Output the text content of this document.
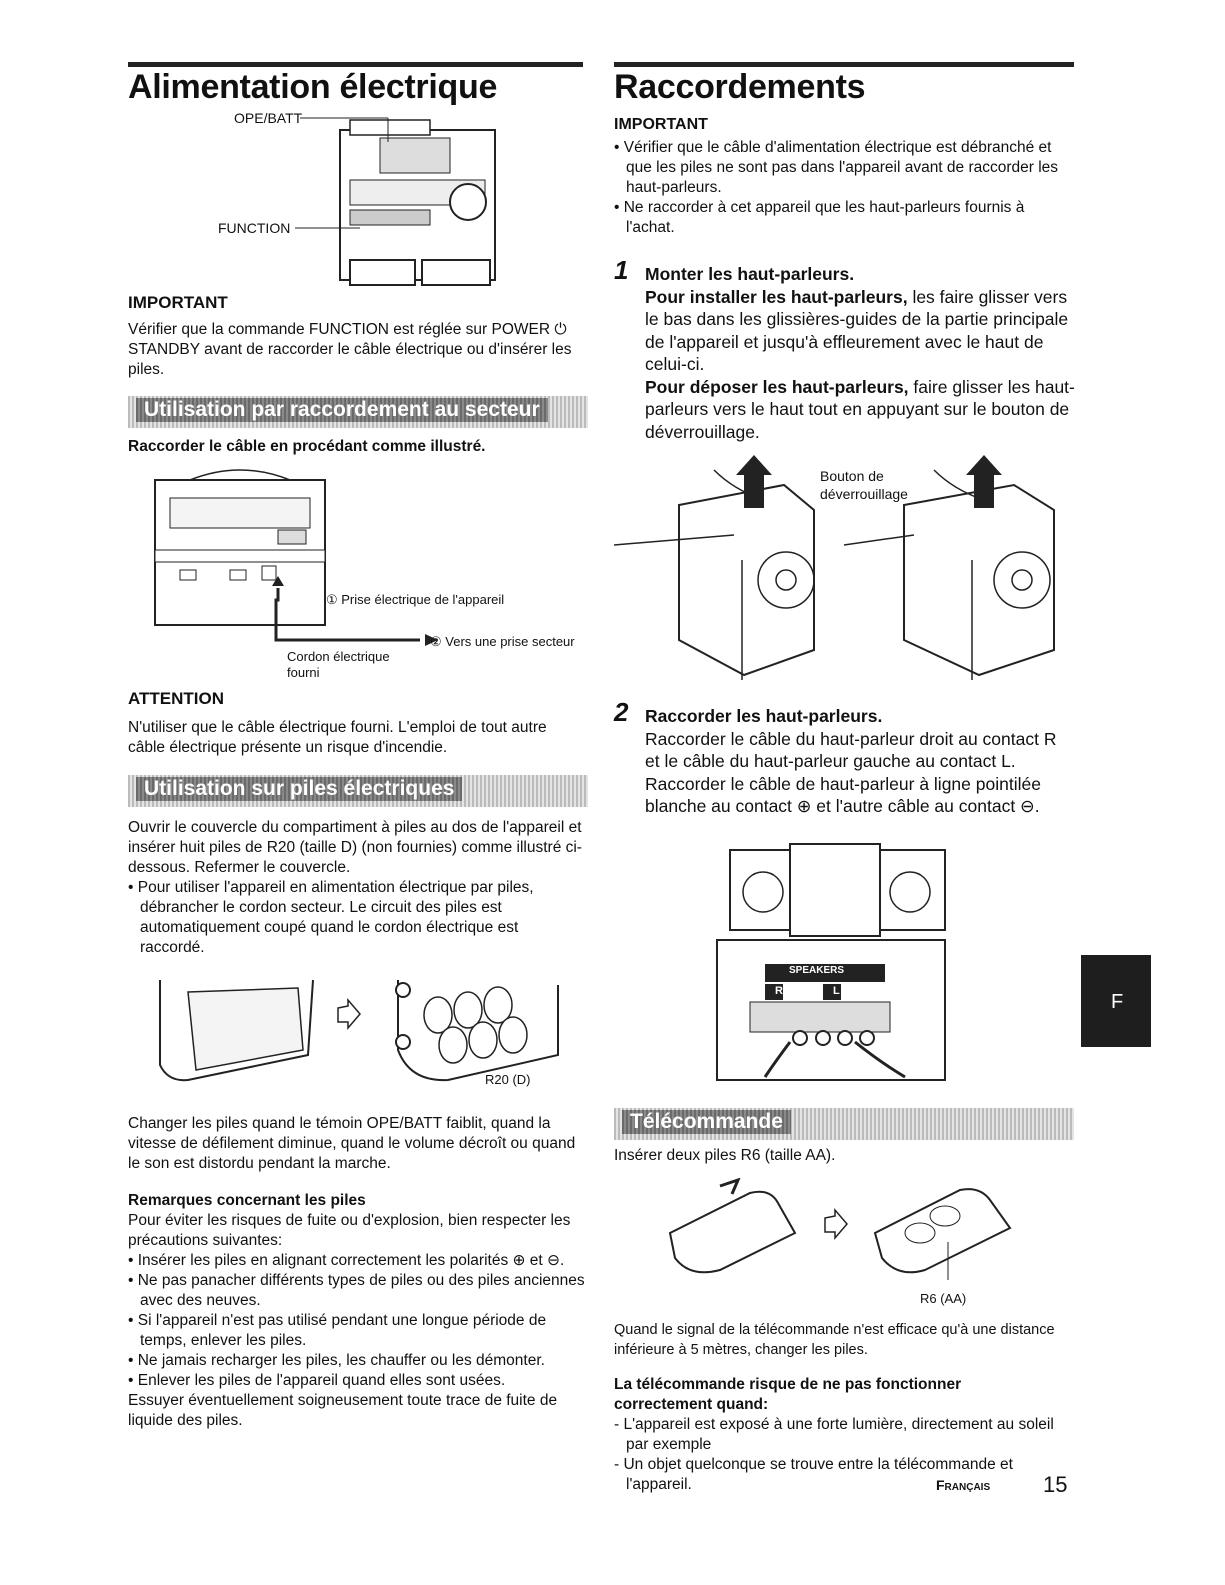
Alimentation électrique
OPE/BATT
FUNCTION
IMPORTANT
Vérifier que la commande FUNCTION est réglée sur POWER ⏻ STANDBY avant de raccorder le câble électrique ou d'insérer les piles.
Utilisation par raccordement au secteur
Raccorder le câble en procédant comme illustré.
① Prise électrique de l'appareil
② Vers une prise secteur
Cordon électrique
fourni
ATTENTION
N'utiliser que le câble électrique fourni. L'emploi de tout autre câble électrique présente un risque d'incendie.
Utilisation sur piles électriques
Ouvrir le couvercle du compartiment à piles au dos de l'appareil et insérer huit piles de R20 (taille D) (non fournies) comme illustré ci-dessous. Refermer le couvercle.
• Pour utiliser l'appareil en alimentation électrique par piles, débrancher le cordon secteur. Le circuit des piles est automatiquement coupé quand le cordon électrique est raccordé.
R20 (D)
Changer les piles quand le témoin OPE/BATT faiblit, quand la vitesse de défilement diminue, quand le volume décroît ou quand le son est distordu pendant la marche.
Remarques concernant les piles

Pour éviter les risques de fuite ou d'explosion, bien respecter les précautions suivantes:

• Insérer les piles en alignant correctement les polarités ⊕ et ⊖.
• Ne pas panacher différents types de piles ou des piles anciennes avec des neuves.
• Si l'appareil n'est pas utilisé pendant une longue période de temps, enlever les piles.
• Ne jamais recharger les piles, les chauffer ou les démonter.
• Enlever les piles de l'appareil quand elles sont usées.

Essuyer éventuellement soigneusement toute trace de fuite de liquide des piles.

Raccordements
IMPORTANT
• Vérifier que le câble d'alimentation électrique est débranché et que les piles ne sont pas dans l'appareil avant de raccorder les haut-parleurs.
• Ne raccorder à cet appareil que les haut-parleurs fournis à l'achat.
1 Monter les haut-parleurs.

Pour installer les haut-parleurs, les faire glisser vers le bas dans les glissières-guides de la partie principale de l'appareil et jusqu'à effleurement avec le haut de celui-ci.

Pour déposer les haut-parleurs, faire glisser les haut-parleurs vers le haut tout en appuyant sur le bouton de déverrouillage.

Bouton de
déverrouillage
2 Raccorder les haut-parleurs.

Raccorder le câble du haut-parleur droit au contact R et le câble du haut-parleur gauche au contact L. Raccorder le câble de haut-parleur à ligne pointilée blanche au contact ⊕ et l'autre câble au contact ⊖.

SPEAKERS
R	L
Télécommande
Insérer deux piles R6 (taille AA).
R6 (AA)
Quand le signal de la télécommande n'est efficace qu'à une distance inférieure à 5 mètres, changer les piles.
La télécommande risque de ne pas fonctionner correctement quand:
- L'appareil est exposé à une forte lumière, directement au soleil par exemple
- Un objet quelconque se trouve entre la télécommande et l'appareil.
F
Français 15
